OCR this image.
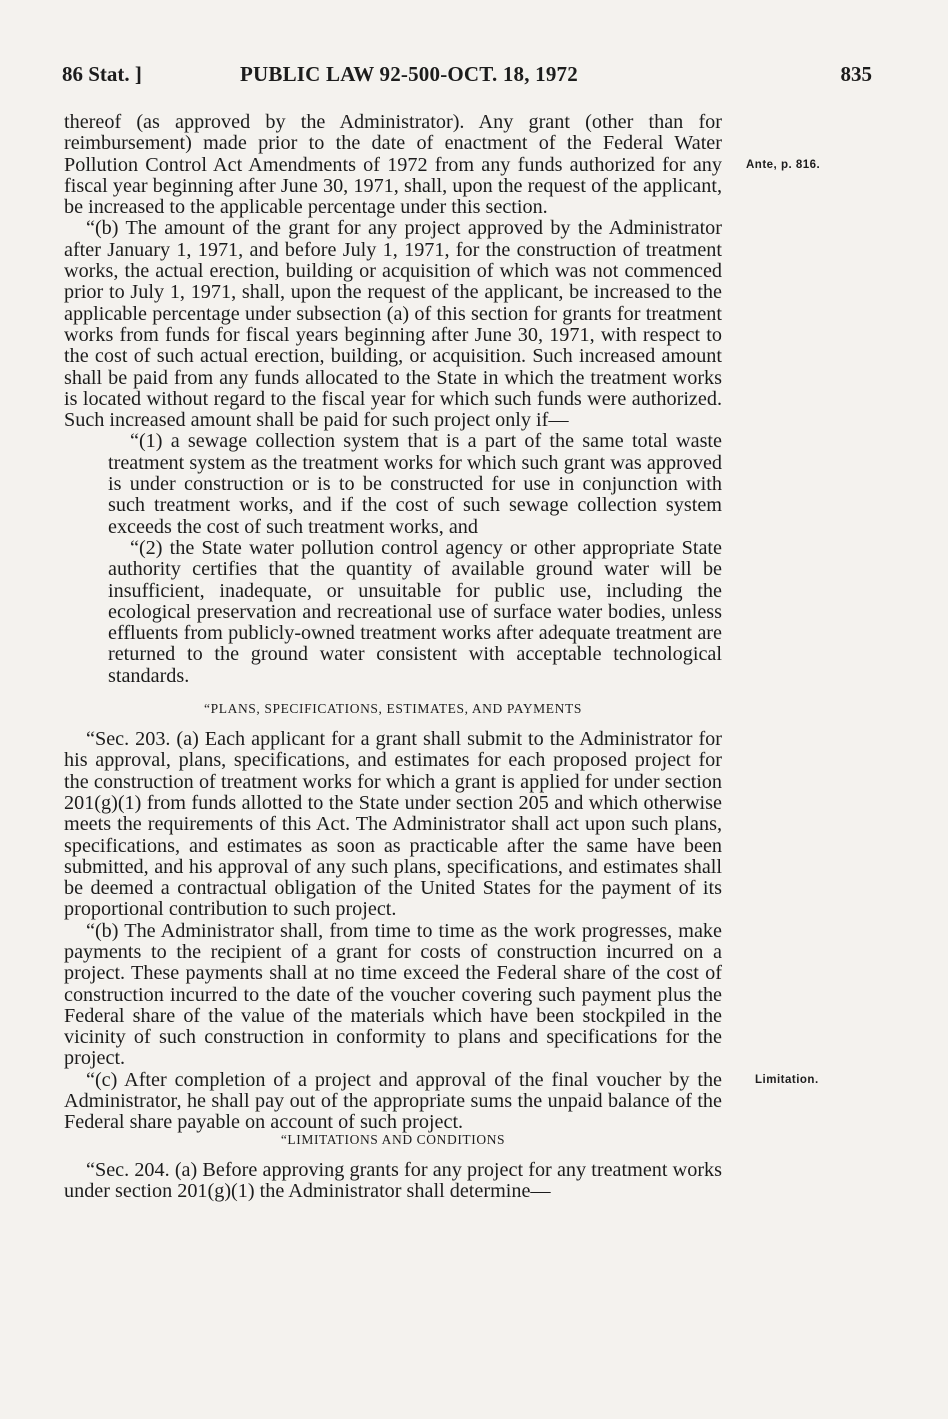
86 Stat. ]	PUBLIC LAW 92-500-OCT. 18, 1972	835
Ante, p. 816.
Limitation.

thereof (as approved by the Administrator). Any grant (other than for reimbursement) made prior to the date of enactment of the Federal Water Pollution Control Act Amendments of 1972 from any funds authorized for any fiscal year beginning after June 30, 1971, shall, upon the request of the applicant, be increased to the applicable percentage under this section.

“(b) The amount of the grant for any project approved by the Administrator after January 1, 1971, and before July 1, 1971, for the construction of treatment works, the actual erection, building or acquisition of which was not commenced prior to July 1, 1971, shall, upon the request of the applicant, be increased to the applicable percentage under subsection (a) of this section for grants for treatment works from funds for fiscal years beginning after June 30, 1971, with respect to the cost of such actual erection, building, or acquisition. Such increased amount shall be paid from any funds allocated to the State in which the treatment works is located without regard to the fiscal year for which such funds were authorized. Such increased amount shall be paid for such project only if—

“(1) a sewage collection system that is a part of the same total waste treatment system as the treatment works for which such grant was approved is under construction or is to be constructed for use in conjunction with such treatment works, and if the cost of such sewage collection system exceeds the cost of such treatment works, and

“(2) the State water pollution control agency or other appropriate State authority certifies that the quantity of available ground water will be insufficient, inadequate, or unsuitable for public use, including the ecological preservation and recreational use of surface water bodies, unless effluents from publicly-owned treatment works after adequate treatment are returned to the ground water consistent with acceptable technological standards.

“PLANS, SPECIFICATIONS, ESTIMATES, AND PAYMENTS

“Sec. 203. (a) Each applicant for a grant shall submit to the Administrator for his approval, plans, specifications, and estimates for each proposed project for the construction of treatment works for which a grant is applied for under section 201(g)(1) from funds allotted to the State under section 205 and which otherwise meets the requirements of this Act. The Administrator shall act upon such plans, specifications, and estimates as soon as practicable after the same have been submitted, and his approval of any such plans, specifications, and estimates shall be deemed a contractual obligation of the United States for the payment of its proportional contribution to such project.

“(b) The Administrator shall, from time to time as the work progresses, make payments to the recipient of a grant for costs of construction incurred on a project. These payments shall at no time exceed the Federal share of the cost of construction incurred to the date of the voucher covering such payment plus the Federal share of the value of the materials which have been stockpiled in the vicinity of such construction in conformity to plans and specifications for the project.

“(c) After completion of a project and approval of the final voucher by the Administrator, he shall pay out of the appropriate sums the unpaid balance of the Federal share payable on account of such project.

“LIMITATIONS AND CONDITIONS

“Sec. 204. (a) Before approving grants for any project for any treatment works under section 201(g)(1) the Administrator shall determine—
